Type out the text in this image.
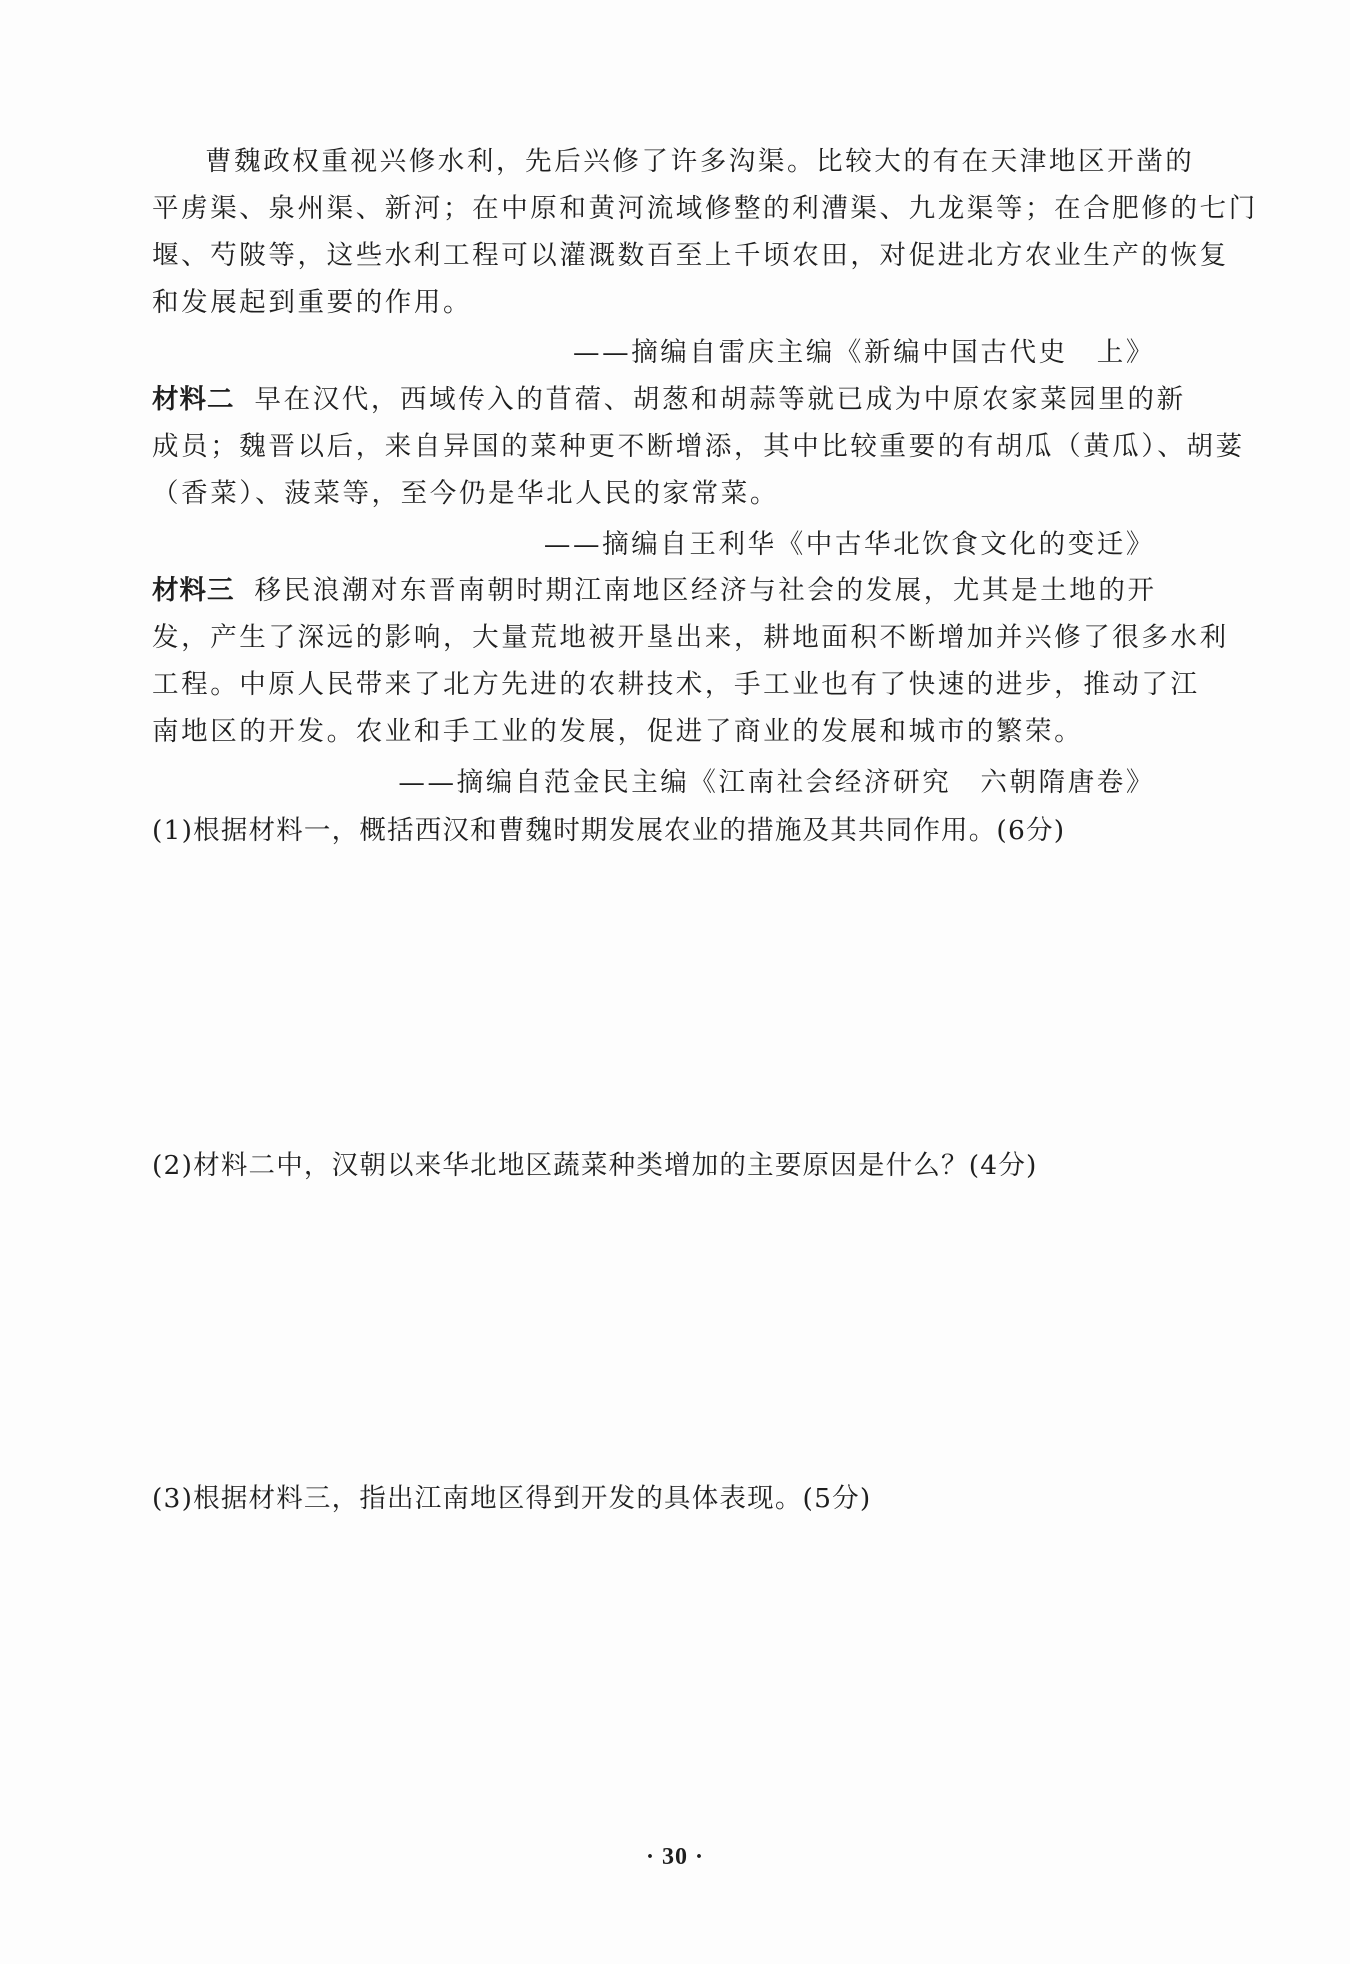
曹魏政权重视兴修水利，先后兴修了许多沟渠。比较大的有在天津地区开凿的
平虏渠、泉州渠、新河；在中原和黄河流域修整的利漕渠、九龙渠等；在合肥修的七门
堰、芍陂等，这些水利工程可以灌溉数百至上千顷农田，对促进北方农业生产的恢复
和发展起到重要的作用。
——摘编自雷庆主编《新编中国古代史　上》
材料二 早在汉代，西域传入的苜蓿、胡葱和胡蒜等就已成为中原农家菜园里的新
成员；魏晋以后，来自异国的菜种更不断增添，其中比较重要的有胡瓜（黄瓜）、胡荽
（香菜）、菠菜等，至今仍是华北人民的家常菜。
——摘编自王利华《中古华北饮食文化的变迁》
材料三 移民浪潮对东晋南朝时期江南地区经济与社会的发展，尤其是土地的开
发，产生了深远的影响，大量荒地被开垦出来，耕地面积不断增加并兴修了很多水利
工程。中原人民带来了北方先进的农耕技术，手工业也有了快速的进步，推动了江
南地区的开发。农业和手工业的发展，促进了商业的发展和城市的繁荣。
——摘编自范金民主编《江南社会经济研究　六朝隋唐卷》
(1)根据材料一，概括西汉和曹魏时期发展农业的措施及其共同作用。(6分)
(2)材料二中，汉朝以来华北地区蔬菜种类增加的主要原因是什么？(4分)
(3)根据材料三，指出江南地区得到开发的具体表现。(5分)
· 30 ·
